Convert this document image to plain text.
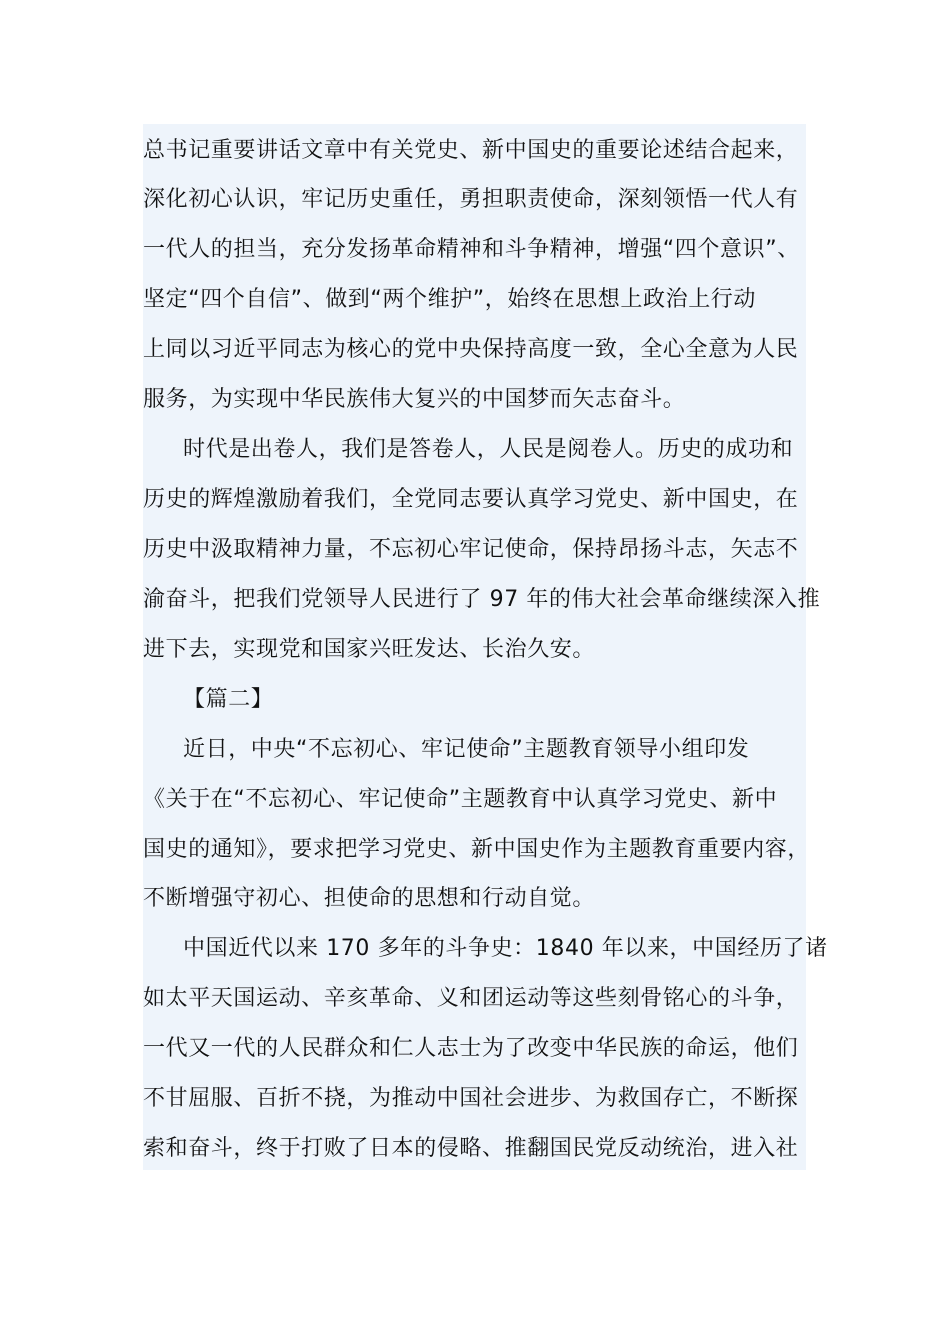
总书记重要讲话文章中有关党史、新中国史的重要论述结合起来，
深化初心认识，牢记历史重任，勇担职责使命，深刻领悟一代人有
一代人的担当，充分发扬革命精神和斗争精神，增强“四个意识”、
坚定“四个自信”、做到“两个维护”，始终在思想上政治上行动
上同以习近平同志为核心的党中央保持高度一致，全心全意为人民
服务，为实现中华民族伟大复兴的中国梦而矢志奋斗。
时代是出卷人，我们是答卷人，人民是阅卷人。历史的成功和
历史的辉煌激励着我们，全党同志要认真学习党史、新中国史，在
历史中汲取精神力量，不忘初心牢记使命，保持昂扬斗志，矢志不
渝奋斗，把我们党领导人民进行了 97 年的伟大社会革命继续深入推
进下去，实现党和国家兴旺发达、长治久安。
【篇二】
近日，中央“不忘初心、牢记使命”主题教育领导小组印发
《关于在“不忘初心、牢记使命”主题教育中认真学习党史、新中
国史的通知》，要求把学习党史、新中国史作为主题教育重要内容，
不断增强守初心、担使命的思想和行动自觉。
中国近代以来 170 多年的斗争史：1840 年以来，中国经历了诸
如太平天国运动、辛亥革命、义和团运动等这些刻骨铭心的斗争，
一代又一代的人民群众和仁人志士为了改变中华民族的命运，他们
不甘屈服、百折不挠，为推动中国社会进步、为救国存亡，不断探
索和奋斗，终于打败了日本的侵略、推翻国民党反动统治，进入社
